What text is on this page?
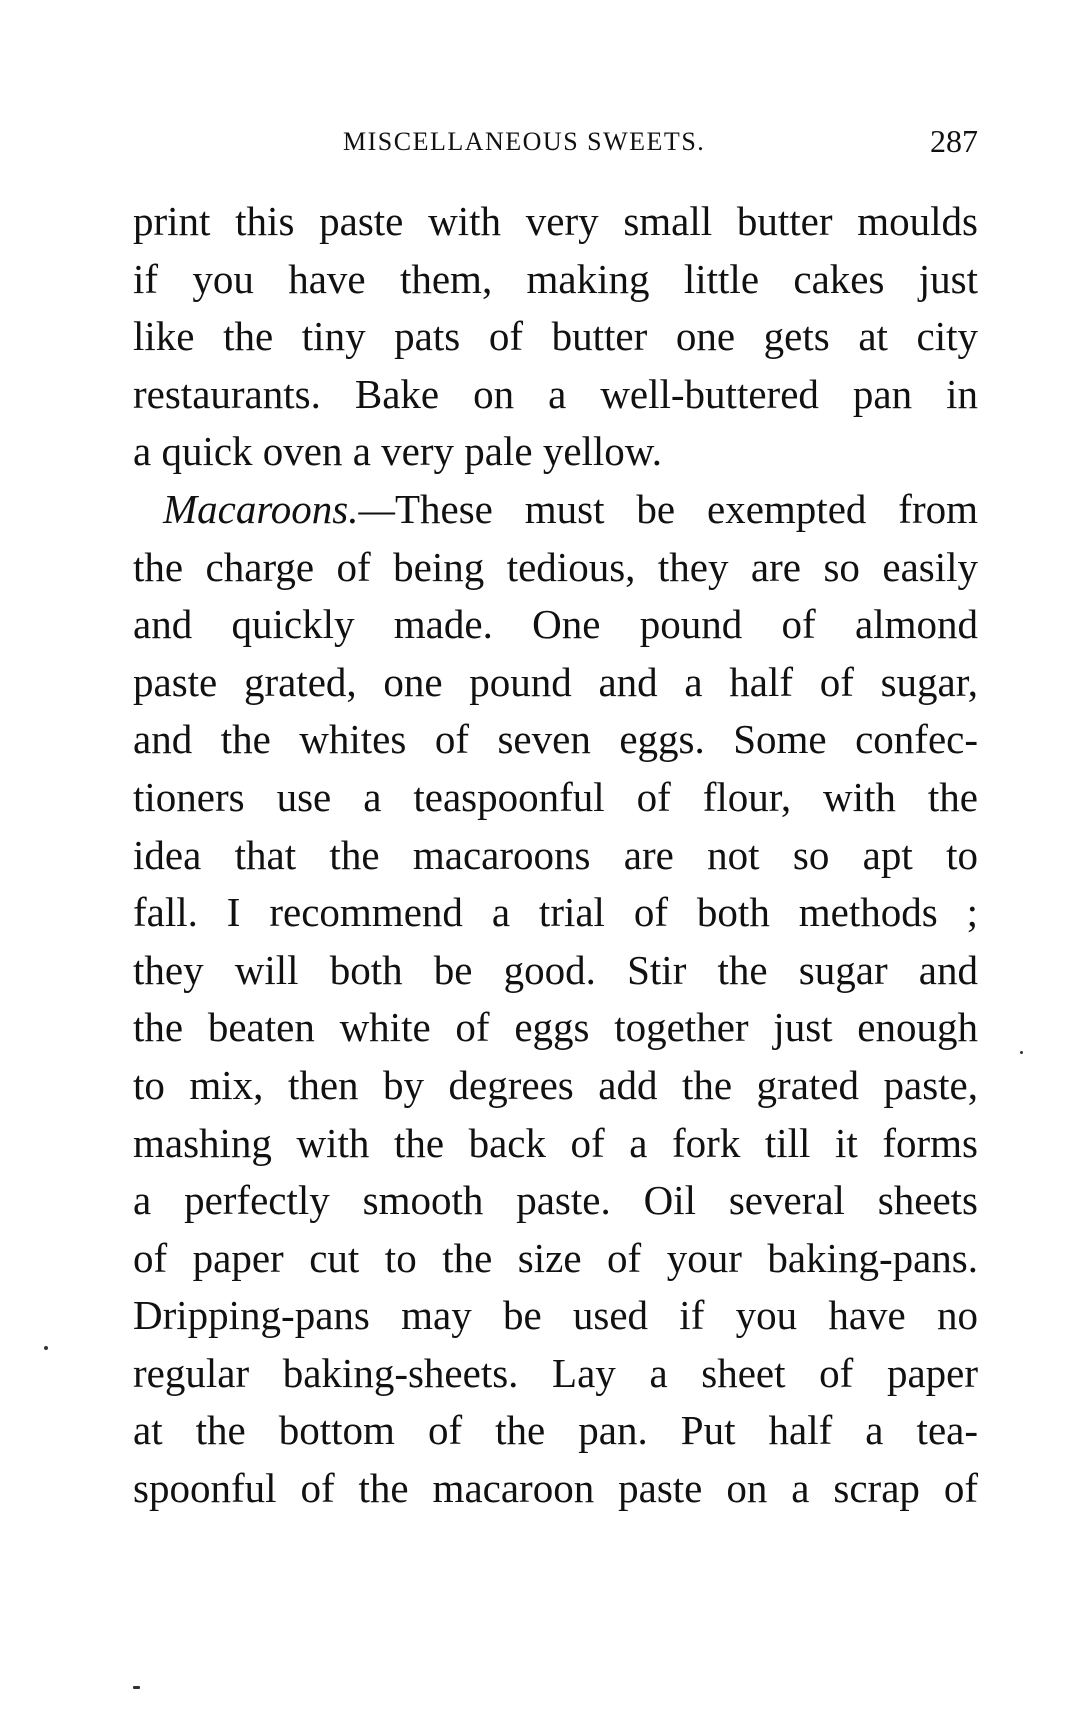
MISCELLANEOUS SWEETS.	287
print this paste with very small butter moulds
if you have them, making little cakes just
like the tiny pats of butter one gets at city
restaurants. Bake on a well-buttered pan in
a quick oven a very pale yellow.
Macaroons.—These must be exempted from
the charge of being tedious, they are so easily
and quickly made. One pound of almond
paste grated, one pound and a half of sugar,
and the whites of seven eggs. Some confec-
tioners use a teaspoonful of flour, with the
idea that the macaroons are not so apt to
fall. I recommend a trial of both methods ;
they will both be good. Stir the sugar and
the beaten white of eggs together just enough
to mix, then by degrees add the grated paste,
mashing with the back of a fork till it forms
a perfectly smooth paste. Oil several sheets
of paper cut to the size of your baking-pans.
Dripping-pans may be used if you have no
regular baking-sheets. Lay a sheet of paper
at the bottom of the pan. Put half a tea-
spoonful of the macaroon paste on a scrap of
